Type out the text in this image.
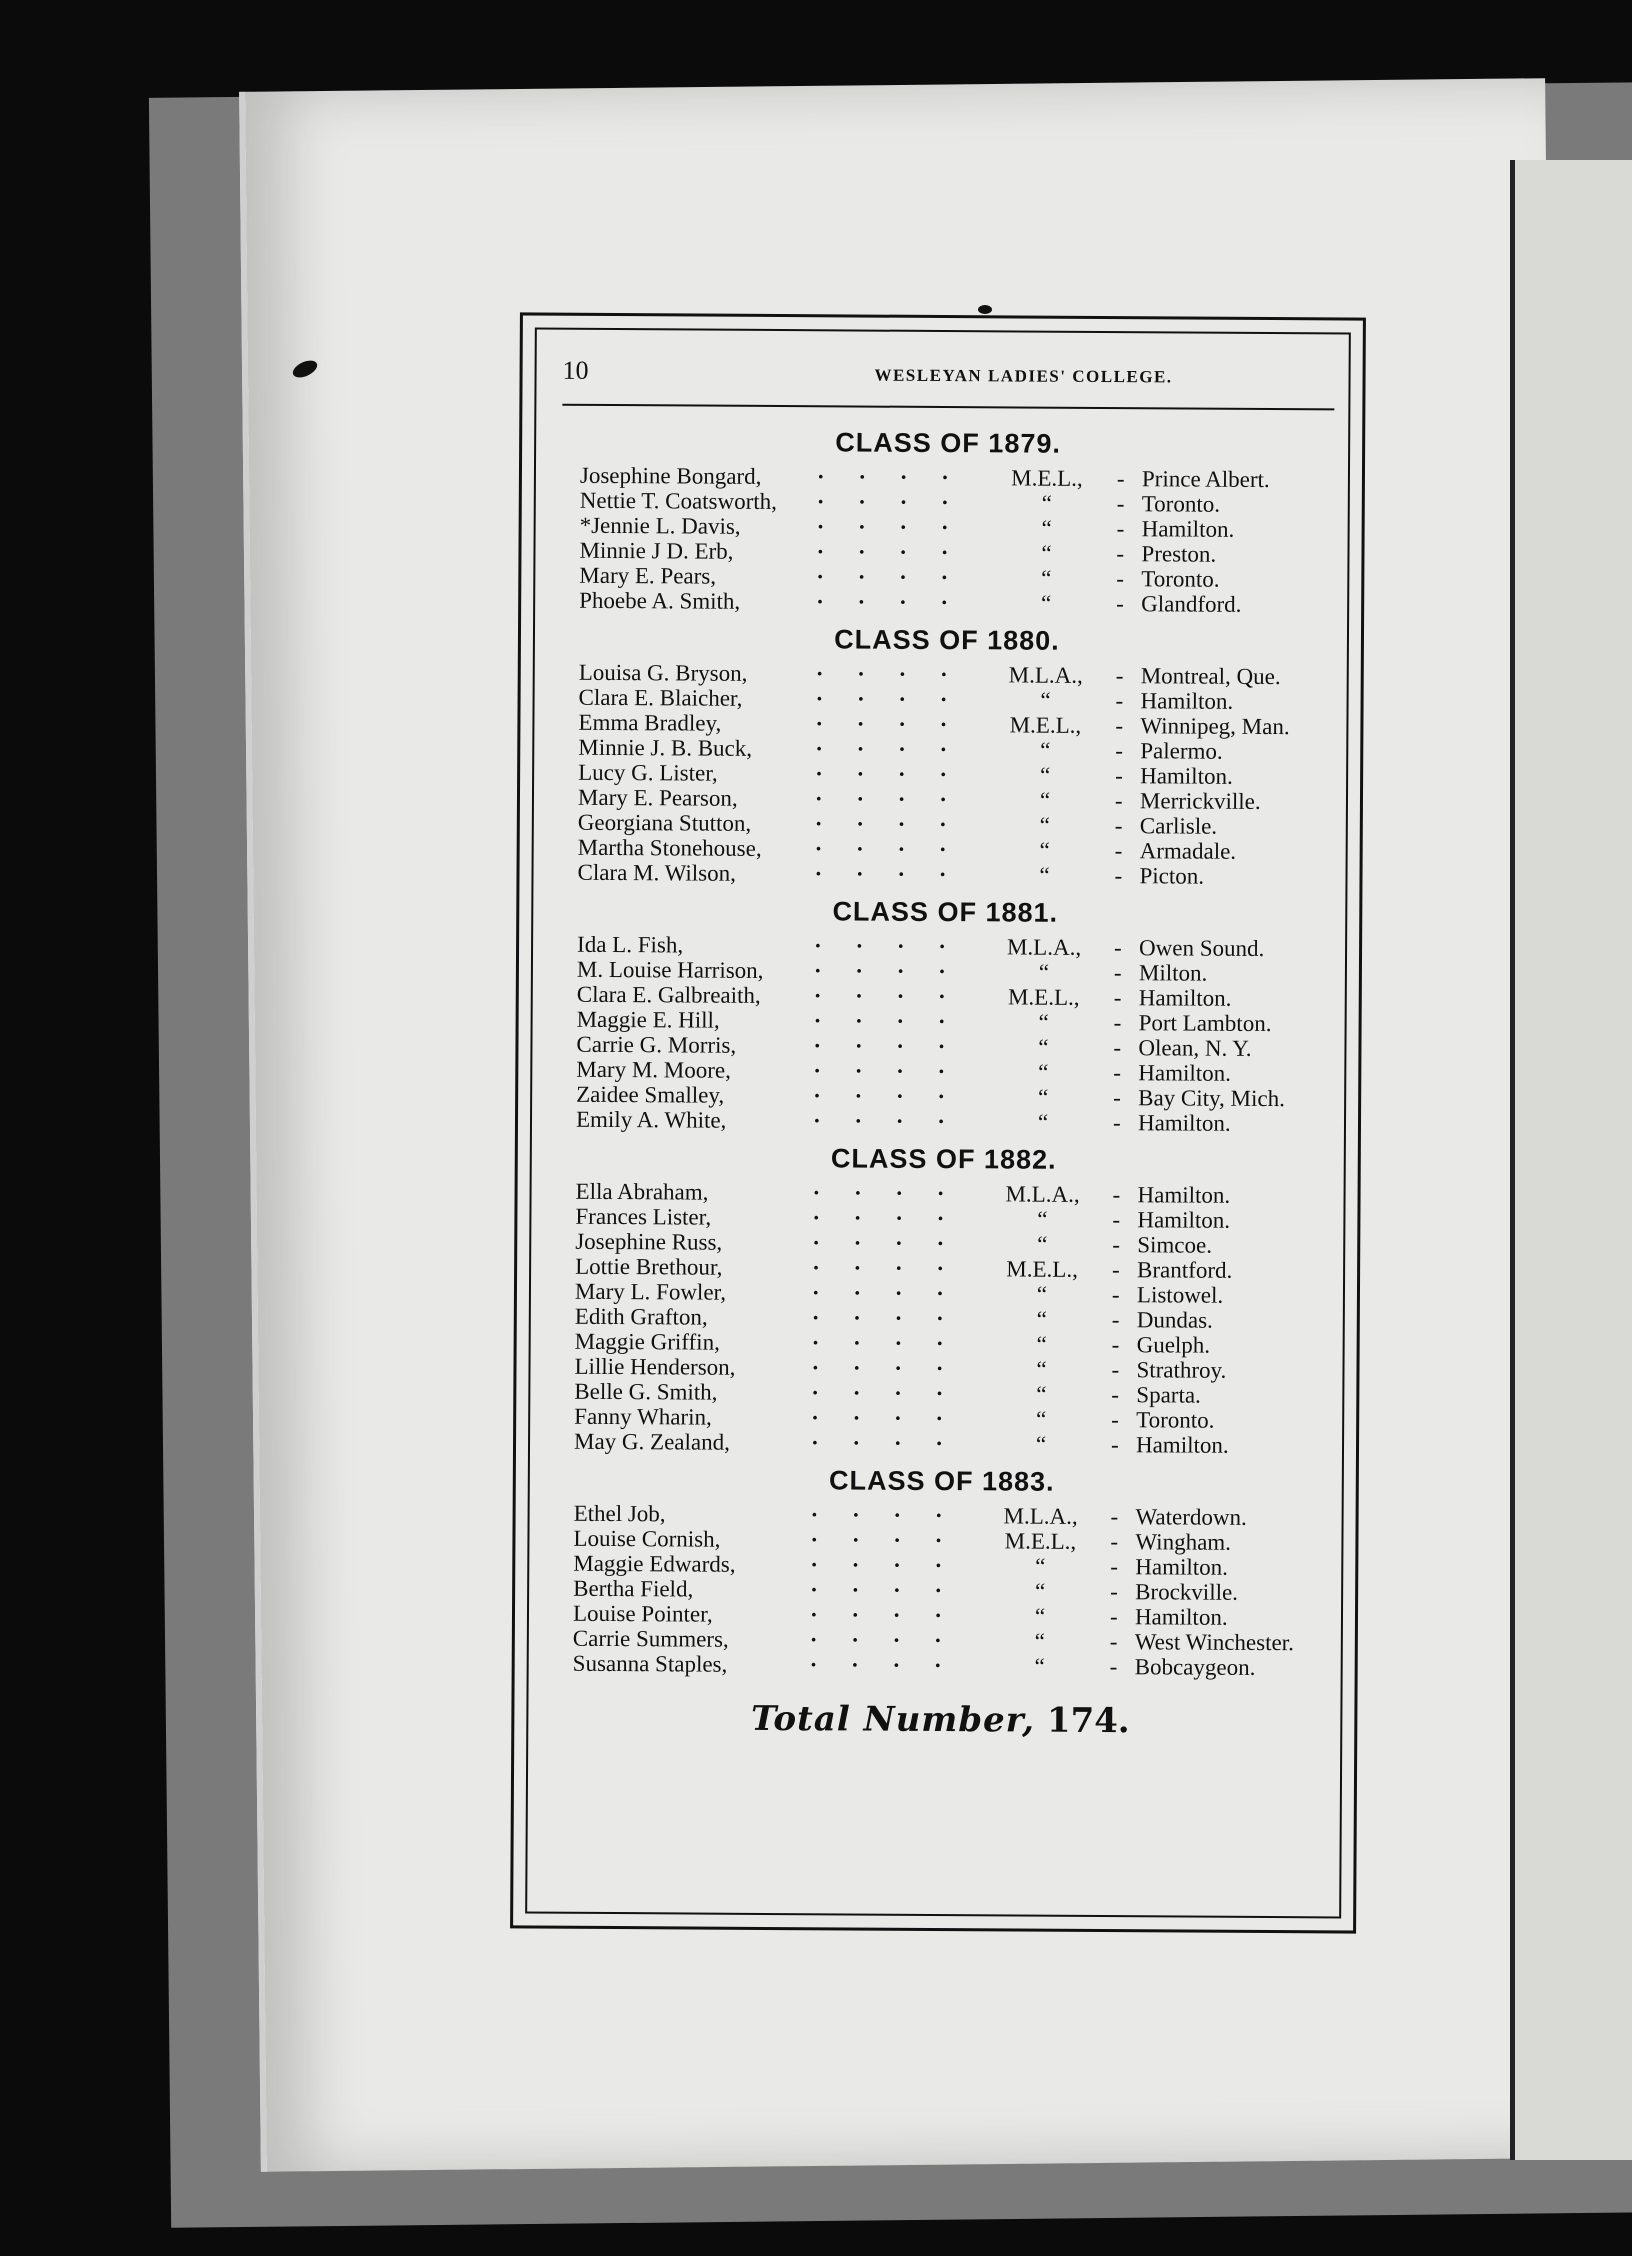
10	WESLEYAN LADIES' COLLEGE.
CLASS OF 1879.
Josephine Bongard, · · · ·	M.E.L.,	- Prince Albert.
Nettie T. Coatsworth, · · · ·	“	- Toronto.
*Jennie L. Davis,	· · · ·	“	- Hamilton.
Minnie J D. Erb,	· · · ·	“	- Preston.
Mary E. Pears,	· · · ·	“	- Toronto.
Phoebe A. Smith,	· · · ·	“	- Glandford.
CLASS OF 1880.
Louisa G. Bryson,	· · · ·	M.L.A.,	- Montreal, Que.
Clara E. Blaicher,	· · · ·	“	- Hamilton.
Emma Bradley,	· · · ·	M.E.L.,	- Winnipeg, Man.
Minnie J. B. Buck,	· · · ·	“	- Palermo.
Lucy G. Lister,	· · · ·	“	- Hamilton.
Mary E. Pearson,	· · · ·	“	- Merrickville.
Georgiana Stutton,	· · · ·	“	- Carlisle.
Martha Stonehouse, · · · ·	“	- Armadale.
Clara M. Wilson,	· · · ·	“	- Picton.
CLASS OF 1881.
Ida L. Fish,	· · · ·	M.L.A.,	- Owen Sound.
M. Louise Harrison, · · · ·	“	- Milton.
Clara E. Galbreaith, · · · ·	M.E.L.,	- Hamilton.
Maggie E. Hill,	· · · ·	“	- Port Lambton.
Carrie G. Morris,	· · · ·	“	- Olean, N. Y.
Mary M. Moore,	· · · ·	“	- Hamilton.
Zaidee Smalley,	· · · ·	“	- Bay City, Mich.
Emily A. White,	· · · ·	“	- Hamilton.
CLASS OF 1882.
Ella Abraham,	· · · ·	M.L.A.,	- Hamilton.
Frances Lister,	· · · ·	“	- Hamilton.
Josephine Russ,	· · · ·	“	- Simcoe.
Lottie Brethour,	· · · ·	M.E.L.,	- Brantford.
Mary L. Fowler,	· · · ·	“	- Listowel.
Edith Grafton,	· · · ·	“	- Dundas.
Maggie Griffin,	· · · ·	“	- Guelph.
Lillie Henderson,	· · · ·	“	- Strathroy.
Belle G. Smith,	· · · ·	“	- Sparta.
Fanny Wharin,	· · · ·	“	- Toronto.
May G. Zealand,	· · · ·	“	- Hamilton.
CLASS OF 1883.
Ethel Job,	· · · ·	M.L.A.,	- Waterdown.
Louise Cornish,	· · · ·	M.E.L.,	- Wingham.
Maggie Edwards,	· · · ·	“	- Hamilton.
Bertha Field,	· · · ·	“	- Brockville.
Louise Pointer,	· · · ·	“	- Hamilton.
Carrie Summers,	· · · ·	“	- West Winchester.
Susanna Staples,	· · · ·	“	- Bobcaygeon.
Total Number, 174.
